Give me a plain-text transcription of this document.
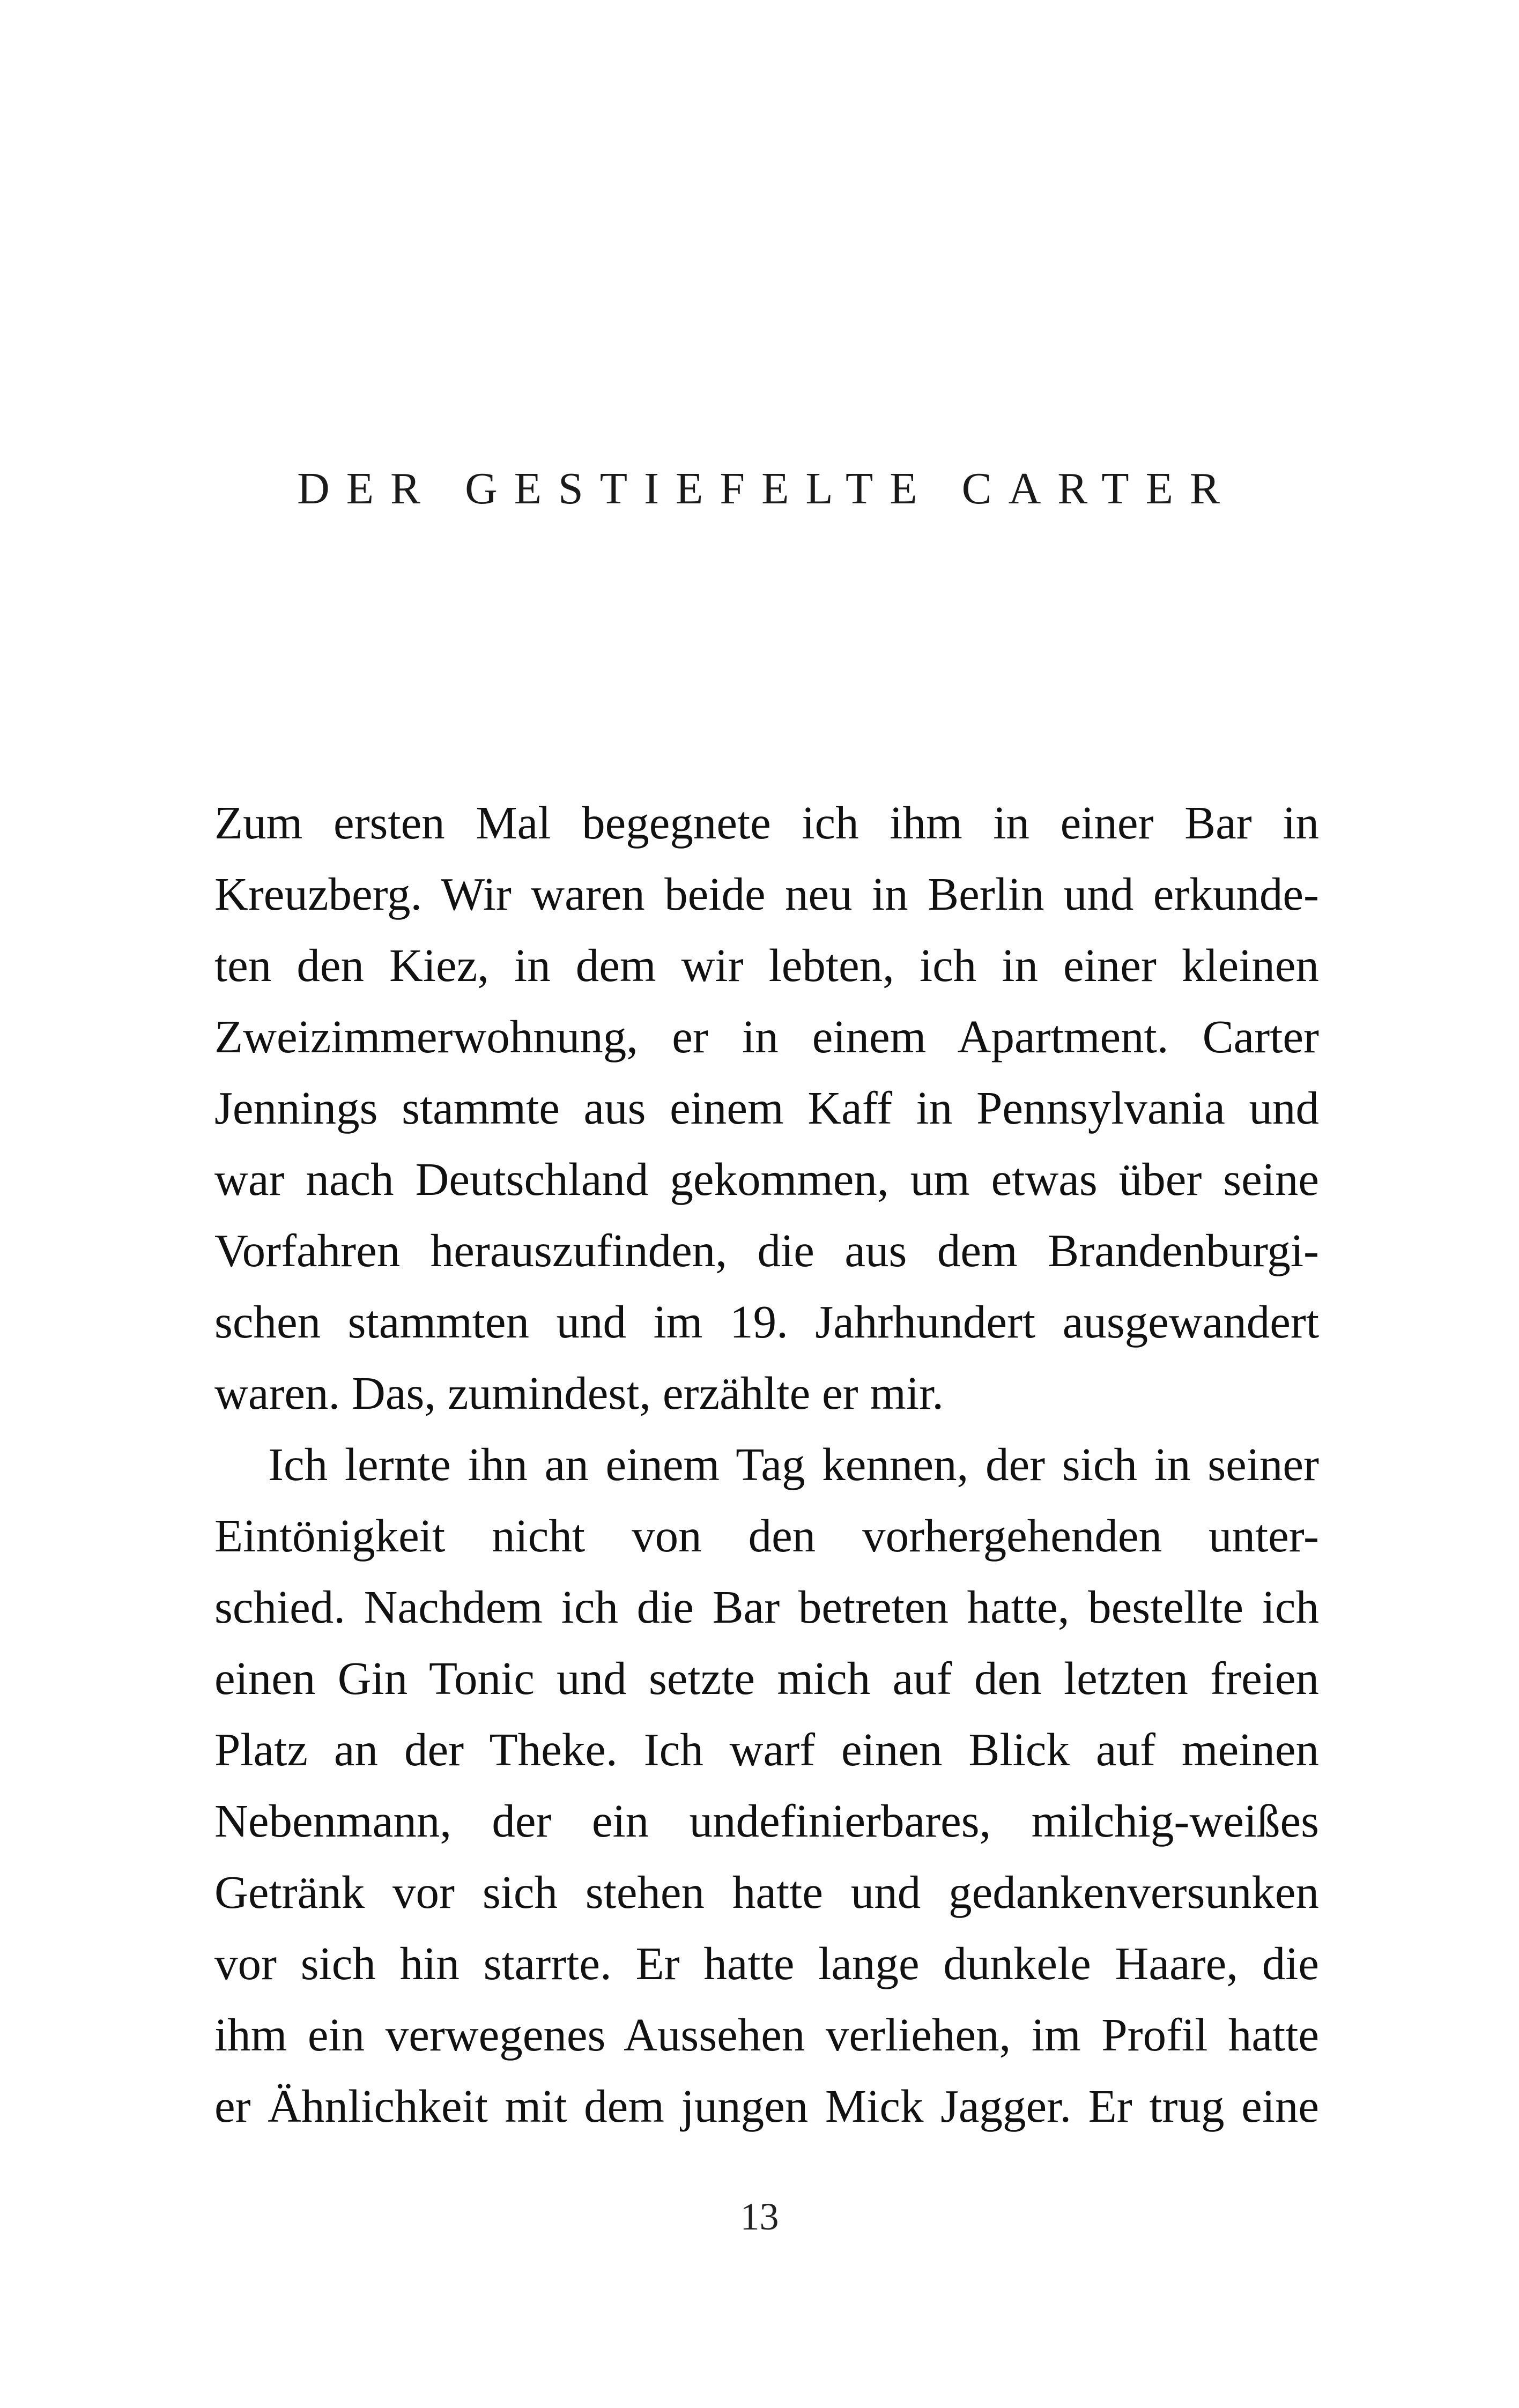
DER GESTIEFELTE CARTER
Zum ersten Mal begegnete ich ihm in einer Bar in
Kreuzberg. Wir waren beide neu in Berlin und erkunde-
ten den Kiez, in dem wir lebten, ich in einer kleinen
Zweizimmerwohnung, er in einem Apartment. Carter
Jennings stammte aus einem Kaff in Pennsylvania und
war nach Deutschland gekommen, um etwas über seine
Vorfahren herauszufinden, die aus dem Brandenburgi-
schen stammten und im 19. Jahrhundert ausgewandert
waren. Das, zumindest, erzählte er mir.
Ich lernte ihn an einem Tag kennen, der sich in seiner
Eintönigkeit nicht von den vorhergehenden unter-
schied. Nachdem ich die Bar betreten hatte, bestellte ich
einen Gin Tonic und setzte mich auf den letzten freien
Platz an der Theke. Ich warf einen Blick auf meinen
Nebenmann, der ein undefinierbares, milchig-weißes
Getränk vor sich stehen hatte und gedankenversunken
vor sich hin starrte. Er hatte lange dunkele Haare, die
ihm ein verwegenes Aussehen verliehen, im Profil hatte
er Ähnlichkeit mit dem jungen Mick Jagger. Er trug eine
13
